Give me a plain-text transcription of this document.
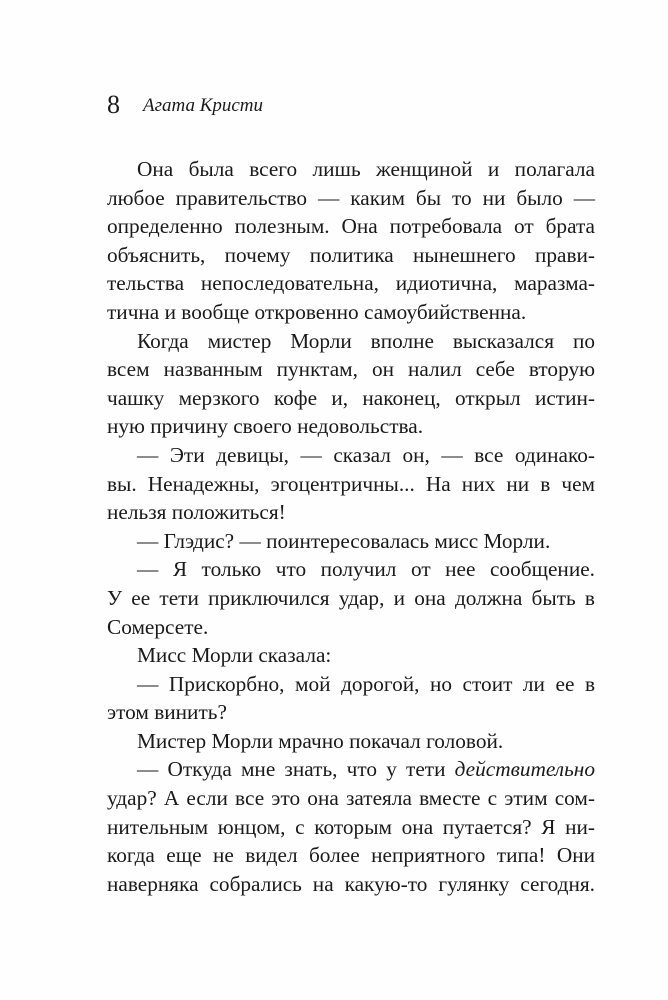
8 Агата Кристи
Она была всего лишь женщиной и полагала
любое правительство — каким бы то ни было —
определенно полезным. Она потребовала от брата
объяснить, почему политика нынешнего прави-
тельства непоследовательна, идиотична, маразма-
тична и вообще откровенно самоубийственна.
Когда мистер Морли вполне высказался по
всем названным пунктам, он налил себе вторую
чашку мерзкого кофе и, наконец, открыл истин-
ную причину своего недовольства.
— Эти девицы, — сказал он, — все одинако-
вы. Ненадежны, эгоцентричны... На них ни в чем
нельзя положиться!
— Глэдис? — поинтересовалась мисс Морли.
— Я только что получил от нее сообщение.
У ее тети приключился удар, и она должна быть в
Сомерсете.
Мисс Морли сказала:
— Прискорбно, мой дорогой, но стоит ли ее в
этом винить?
Мистер Морли мрачно покачал головой.
— Откуда мне знать, что у тети действительно
удар? А если все это она затеяла вместе с этим сом-
нительным юнцом, с которым она путается? Я ни-
когда еще не видел более неприятного типа! Они
наверняка собрались на какую-то гулянку сегодня.
